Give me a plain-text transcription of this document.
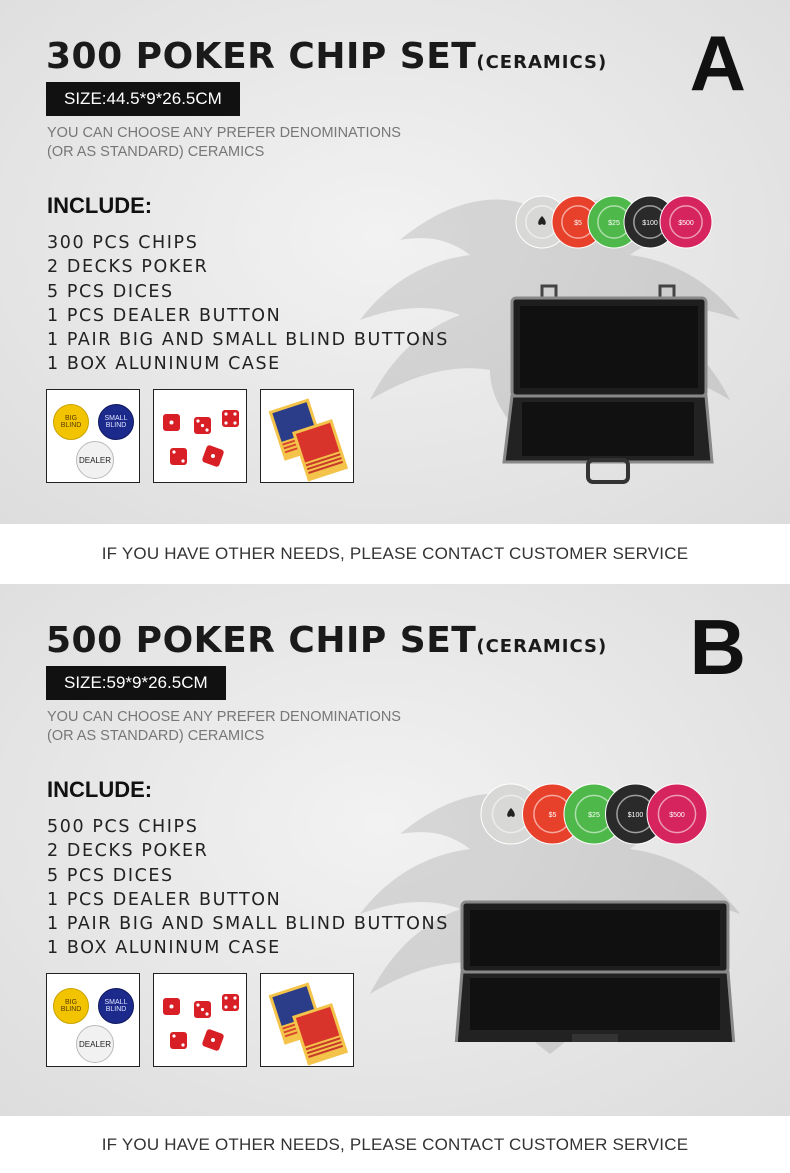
300 POKER CHIP SET(CERAMICS) A
SIZE:44.5*9*26.5CM
YOU CAN CHOOSE ANY PREFER DENOMINATIONS
(OR AS STANDARD) CERAMICS
INCLUDE:
300 PCS CHIPS
2 DECKS POKER
5 PCS DICES
1 PCS DEALER BUTTON
1 PAIR BIG AND SMALL BLIND BUTTONS
1 BOX ALUNINUM CASE
BIG BLIND
SMALL BLIND
DEALER
$5	$25	$100	$500
IF YOU HAVE OTHER NEEDS, PLEASE CONTACT CUSTOMER SERVICE
500 POKER CHIP SET(CERAMICS) B
SIZE:59*9*26.5CM
YOU CAN CHOOSE ANY PREFER DENOMINATIONS
(OR AS STANDARD) CERAMICS
INCLUDE:
500 PCS CHIPS
2 DECKS POKER
5 PCS DICES
1 PCS DEALER BUTTON
1 PAIR BIG AND SMALL BLIND BUTTONS
1 BOX ALUNINUM CASE
BIG BLIND
SMALL BLIND
DEALER
$5	$25	$100	$500
IF YOU HAVE OTHER NEEDS, PLEASE CONTACT CUSTOMER SERVICE
